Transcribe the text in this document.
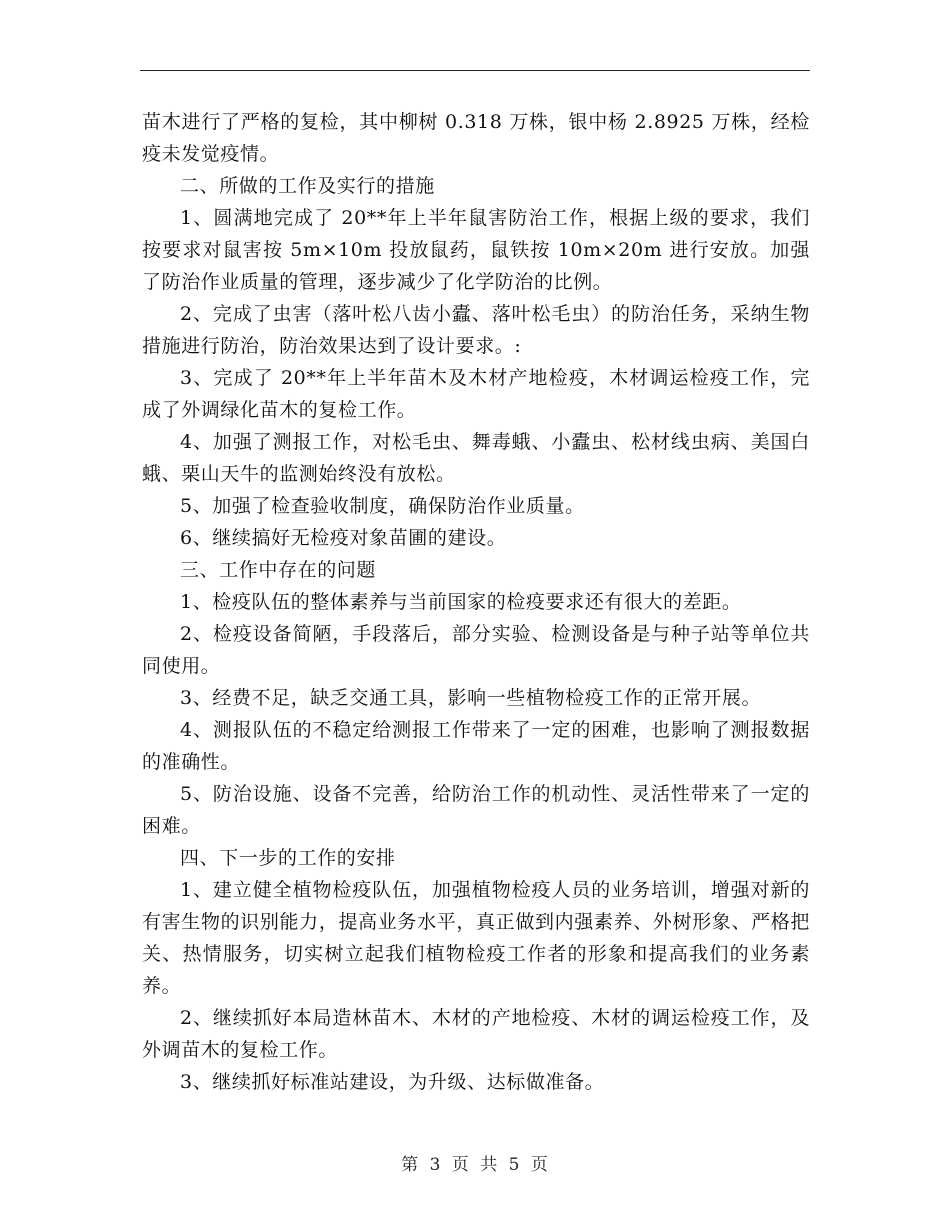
苗木进行了严格的复检，其中柳树 0.318 万株，银中杨 2.8925 万株，经检疫未发觉疫情。

二、所做的工作及实行的措施

1、圆满地完成了 20**年上半年鼠害防治工作，根据上级的要求，我们按要求对鼠害按 5m×10m 投放鼠药，鼠铁按 10m×20m 进行安放。加强了防治作业质量的管理，逐步减少了化学防治的比例。

2、完成了虫害（落叶松八齿小蠹、落叶松毛虫）的防治任务，采纳生物措施进行防治，防治效果达到了设计要求。:

3、完成了 20**年上半年苗木及木材产地检疫，木材调运检疫工作，完成了外调绿化苗木的复检工作。

4、加强了测报工作，对松毛虫、舞毒蛾、小蠹虫、松材线虫病、美国白蛾、栗山天牛的监测始终没有放松。

5、加强了检查验收制度，确保防治作业质量。

6、继续搞好无检疫对象苗圃的建设。

三、工作中存在的问题

1、检疫队伍的整体素养与当前国家的检疫要求还有很大的差距。

2、检疫设备简陋，手段落后，部分实验、检测设备是与种子站等单位共同使用。

3、经费不足，缺乏交通工具，影响一些植物检疫工作的正常开展。

4、测报队伍的不稳定给测报工作带来了一定的困难，也影响了测报数据的准确性。

5、防治设施、设备不完善，给防治工作的机动性、灵活性带来了一定的困难。

四、下一步的工作的安排

1、建立健全植物检疫队伍，加强植物检疫人员的业务培训，增强对新的有害生物的识别能力，提高业务水平，真正做到内强素养、外树形象、严格把关、热情服务，切实树立起我们植物检疫工作者的形象和提高我们的业务素养。

2、继续抓好本局造林苗木、木材的产地检疫、木材的调运检疫工作，及外调苗木的复检工作。

3、继续抓好标准站建设，为升级、达标做准备。

第 3 页 共 5 页
